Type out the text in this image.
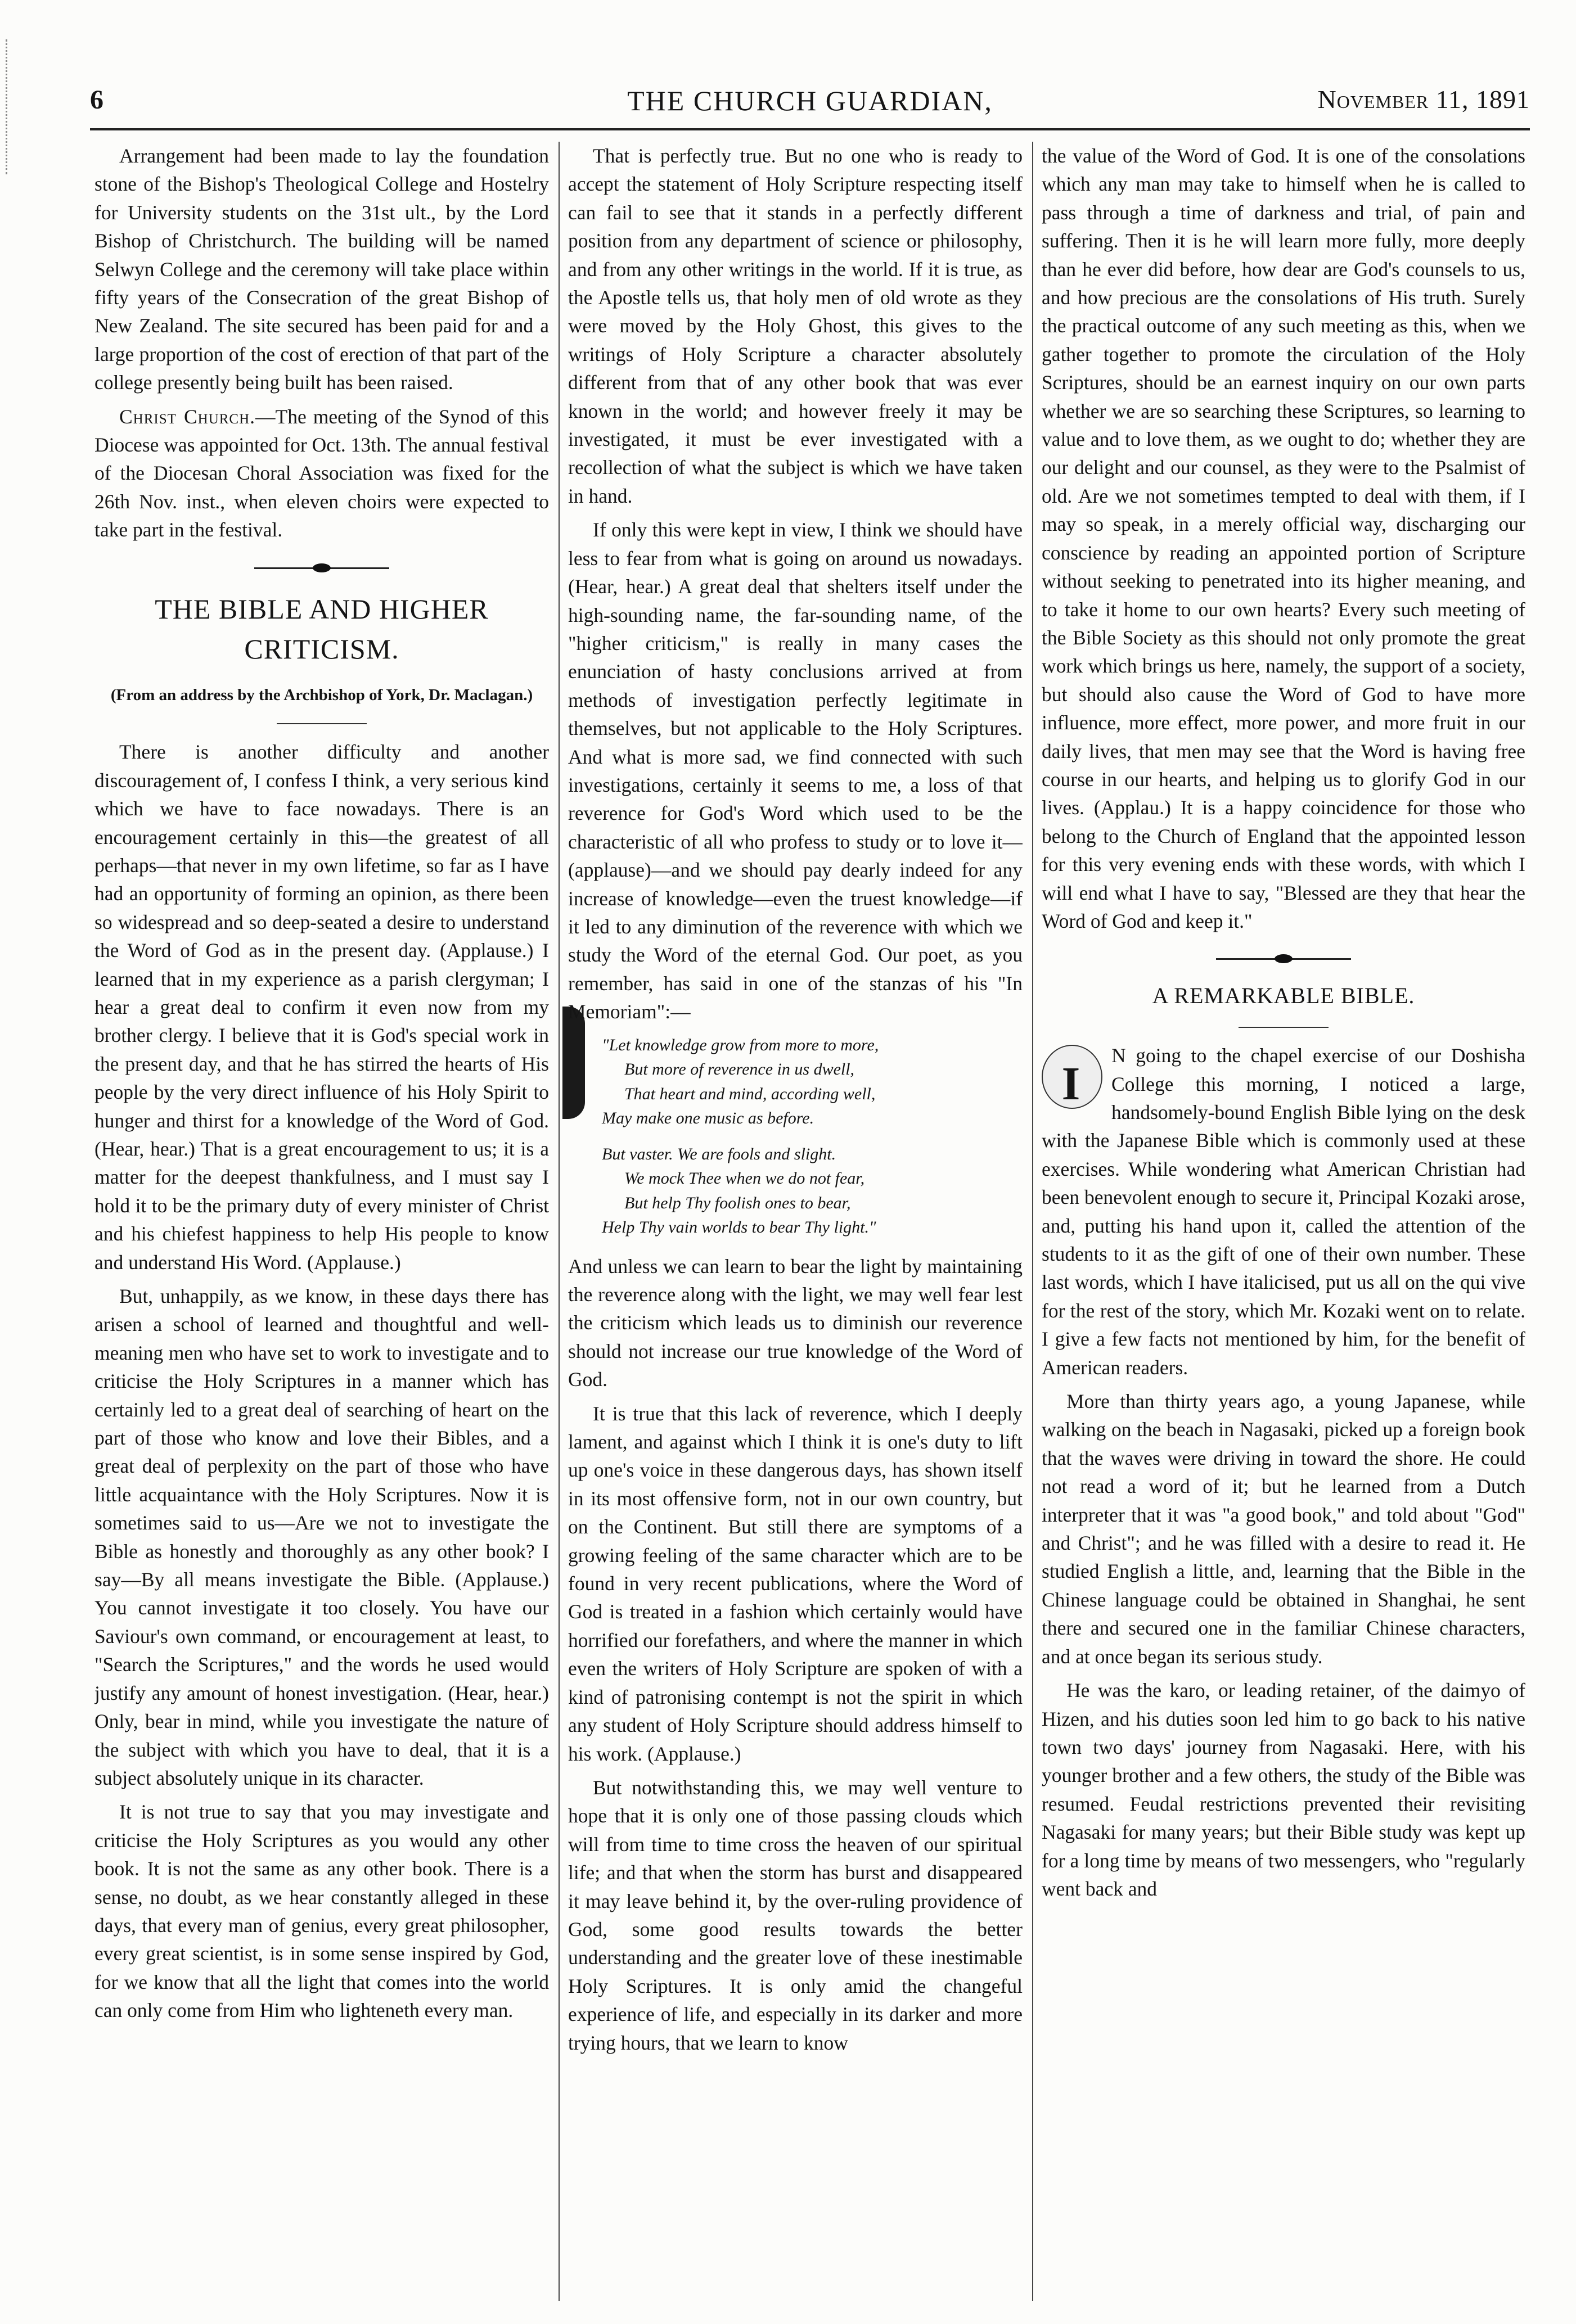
6	THE CHURCH GUARDIAN,	November 11, 1891

Arrangement had been made to lay the foundation stone of the Bishop's Theological College and Hostelry for University students on the 31st ult., by the Lord Bishop of Christchurch. The building will be named Selwyn College and the ceremony will take place within fifty years of the Consecration of the great Bishop of New Zealand. The site secured has been paid for and a large proportion of the cost of erection of that part of the college presently being built has been raised.

Christ Church.—The meeting of the Synod of this Diocese was appointed for Oct. 13th. The annual festival of the Diocesan Choral Association was fixed for the 26th Nov. inst., when eleven choirs were expected to take part in the festival.

THE BIBLE AND HIGHER CRITICISM.
(From an address by the Archbishop of York, Dr. Maclagan.)

There is another difficulty and another discouragement of, I confess I think, a very serious kind which we have to face nowadays. There is an encouragement certainly in this—the greatest of all perhaps—that never in my own lifetime, so far as I have had an opportunity of forming an opinion, as there been so widespread and so deep-seated a desire to understand the Word of God as in the present day. (Applause.) I learned that in my experience as a parish clergyman; I hear a great deal to confirm it even now from my brother clergy. I believe that it is God's special work in the present day, and that he has stirred the hearts of His people by the very direct influence of his Holy Spirit to hunger and thirst for a knowledge of the Word of God. (Hear, hear.) That is a great encouragement to us; it is a matter for the deepest thankfulness, and I must say I hold it to be the primary duty of every minister of Christ and his chiefest happiness to help His people to know and understand His Word. (Applause.)

But, unhappily, as we know, in these days there has arisen a school of learned and thoughtful and well-meaning men who have set to work to investigate and to criticise the Holy Scriptures in a manner which has certainly led to a great deal of searching of heart on the part of those who know and love their Bibles, and a great deal of perplexity on the part of those who have little acquaintance with the Holy Scriptures. Now it is sometimes said to us—Are we not to investigate the Bible as honestly and thoroughly as any other book? I say—By all means investigate the Bible. (Applause.) You cannot investigate it too closely. You have our Saviour's own command, or encouragement at least, to "Search the Scriptures," and the words he used would justify any amount of honest investigation. (Hear, hear.) Only, bear in mind, while you investigate the nature of the subject with which you have to deal, that it is a subject absolutely unique in its character.

It is not true to say that you may investigate and criticise the Holy Scriptures as you would any other book. It is not the same as any other book. There is a sense, no doubt, as we hear constantly alleged in these days, that every man of genius, every great philosopher, every great scientist, is in some sense inspired by God, for we know that all the light that comes into the world can only come from Him who lighteneth every man.

That is perfectly true. But no one who is ready to accept the statement of Holy Scripture respecting itself can fail to see that it stands in a perfectly different position from any department of science or philosophy, and from any other writings in the world. If it is true, as the Apostle tells us, that holy men of old wrote as they were moved by the Holy Ghost, this gives to the writings of Holy Scripture a character absolutely different from that of any other book that was ever known in the world; and however freely it may be investigated, it must be ever investigated with a recollection of what the subject is which we have taken in hand.

If only this were kept in view, I think we should have less to fear from what is going on around us nowadays. (Hear, hear.) A great deal that shelters itself under the high-sounding name, the far-sounding name, of the "higher criticism," is really in many cases the enunciation of hasty conclusions arrived at from methods of investigation perfectly legitimate in themselves, but not applicable to the Holy Scriptures. And what is more sad, we find connected with such investigations, certainly it seems to me, a loss of that reverence for God's Word which used to be the characteristic of all who profess to study or to love it—(applause)—and we should pay dearly indeed for any increase of knowledge—even the truest knowledge—if it led to any diminution of the reverence with which we study the Word of the eternal God. Our poet, as you remember, has said in one of the stanzas of his "In Memoriam":—

"Let knowledge grow from more to more,
But more of reverence in us dwell,
That heart and mind, according well,
May make one music as before.
But vaster. We are fools and slight.
We mock Thee when we do not fear,
But help Thy foolish ones to bear,
Help Thy vain worlds to bear Thy light."

And unless we can learn to bear the light by maintaining the reverence along with the light, we may well fear lest the criticism which leads us to diminish our reverence should not increase our true knowledge of the Word of God.

It is true that this lack of reverence, which I deeply lament, and against which I think it is one's duty to lift up one's voice in these dangerous days, has shown itself in its most offensive form, not in our own country, but on the Continent. But still there are symptoms of a growing feeling of the same character which are to be found in very recent publications, where the Word of God is treated in a fashion which certainly would have horrified our forefathers, and where the manner in which even the writers of Holy Scripture are spoken of with a kind of patronising contempt is not the spirit in which any student of Holy Scripture should address himself to his work. (Applause.)

But notwithstanding this, we may well venture to hope that it is only one of those passing clouds which will from time to time cross the heaven of our spiritual life; and that when the storm has burst and disappeared it may leave behind it, by the over-ruling providence of God, some good results towards the better understanding and the greater love of these inestimable Holy Scriptures. It is only amid the changeful experience of life, and especially in its darker and more trying hours, that we learn to know

the value of the Word of God. It is one of the consolations which any man may take to himself when he is called to pass through a time of darkness and trial, of pain and suffering. Then it is he will learn more fully, more deeply than he ever did before, how dear are God's counsels to us, and how precious are the consolations of His truth. Surely the practical outcome of any such meeting as this, when we gather together to promote the circulation of the Holy Scriptures, should be an earnest inquiry on our own parts whether we are so searching these Scriptures, so learning to value and to love them, as we ought to do; whether they are our delight and our counsel, as they were to the Psalmist of old. Are we not sometimes tempted to deal with them, if I may so speak, in a merely official way, discharging our conscience by reading an appointed portion of Scripture without seeking to penetrated into its higher meaning, and to take it home to our own hearts? Every such meeting of the Bible Society as this should not only promote the great work which brings us here, namely, the support of a society, but should also cause the Word of God to have more influence, more effect, more power, and more fruit in our daily lives, that men may see that the Word is having free course in our hearts, and helping us to glorify God in our lives. (Applau.) It is a happy coincidence for those who belong to the Church of England that the appointed lesson for this very evening ends with these words, with which I will end what I have to say, "Blessed are they that hear the Word of God and keep it."

A REMARKABLE BIBLE.

I
N going to the chapel exercise of our Doshisha College this morning, I noticed a large, handsomely-bound English Bible lying on the desk with the Japanese Bible which is commonly used at these exercises. While wondering what American Christian had been benevolent enough to secure it, Principal Kozaki arose, and, putting his hand upon it, called the attention of the students to it as the gift of one of their own number. These last words, which I have italicised, put us all on the qui vive for the rest of the story, which Mr. Kozaki went on to relate. I give a few facts not mentioned by him, for the benefit of American readers.

More than thirty years ago, a young Japanese, while walking on the beach in Nagasaki, picked up a foreign book that the waves were driving in toward the shore. He could not read a word of it; but he learned from a Dutch interpreter that it was "a good book," and told about "God" and Christ"; and he was filled with a desire to read it. He studied English a little, and, learning that the Bible in the Chinese language could be obtained in Shanghai, he sent there and secured one in the familiar Chinese characters, and at once began its serious study.

He was the karo, or leading retainer, of the daimyo of Hizen, and his duties soon led him to go back to his native town two days' journey from Nagasaki. Here, with his younger brother and a few others, the study of the Bible was resumed. Feudal restrictions prevented their revisiting Nagasaki for many years; but their Bible study was kept up for a long time by means of two messengers, who "regularly went back and
